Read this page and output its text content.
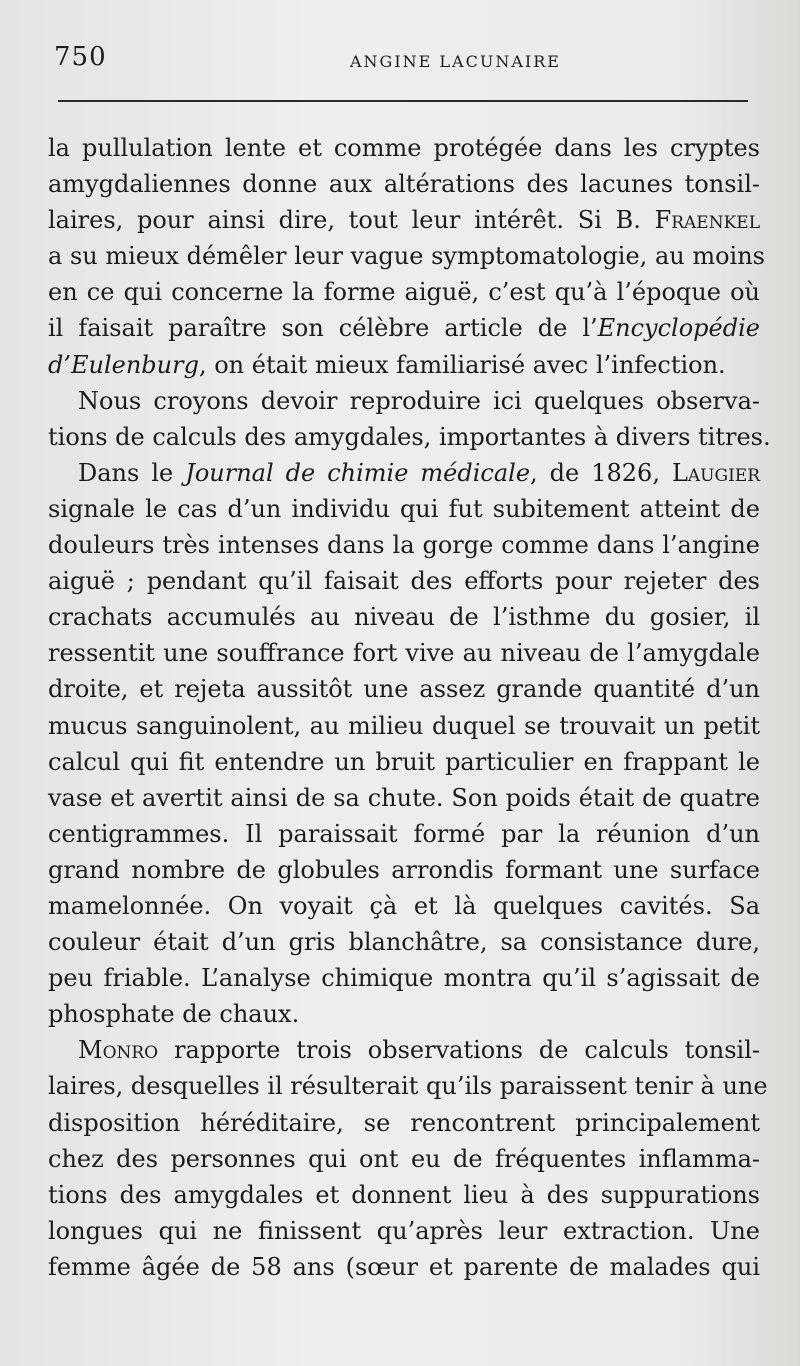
750	ANGINE LACUNAIRE
la pullulation lente et comme protégée dans les cryptes
amygdaliennes donne aux altérations des lacunes tonsil-
laires, pour ainsi dire, tout leur intérêt. Si B. Fraenkel
a su mieux démêler leur vague symptomatologie, au moins
en ce qui concerne la forme aiguë, c’est qu’à l’époque où
il faisait paraître son célèbre article de l’Encyclopédie
d’Eulenburg, on était mieux familiarisé avec l’infection.
Nous croyons devoir reproduire ici quelques observa-
tions de calculs des amygdales, importantes à divers titres.
Dans le Journal de chimie médicale, de 1826, Laugier
signale le cas d’un individu qui fut subitement atteint de
douleurs très intenses dans la gorge comme dans l’angine
aiguë ; pendant qu’il faisait des efforts pour rejeter des
crachats accumulés au niveau de l’isthme du gosier, il
ressentit une souffrance fort vive au niveau de l’amygdale
droite, et rejeta aussitôt une assez grande quantité d’un
mucus sanguinolent, au milieu duquel se trouvait un petit
calcul qui fit entendre un bruit particulier en frappant le
vase et avertit ainsi de sa chute. Son poids était de quatre
centigrammes. Il paraissait formé par la réunion d’un
grand nombre de globules arrondis formant une surface
mamelonnée. On voyait çà et là quelques cavités. Sa
couleur était d’un gris blanchâtre, sa consistance dure,
peu friable. L’analyse chimique montra qu’il s’agissait de
phosphate de chaux.
Monro rapporte trois observations de calculs tonsil-
laires, desquelles il résulterait qu’ils paraissent tenir à une
disposition héréditaire, se rencontrent principalement
chez des personnes qui ont eu de fréquentes inflamma-
tions des amygdales et donnent lieu à des suppurations
longues qui ne finissent qu’après leur extraction. Une
femme âgée de 58 ans (sœur et parente de malades qui
